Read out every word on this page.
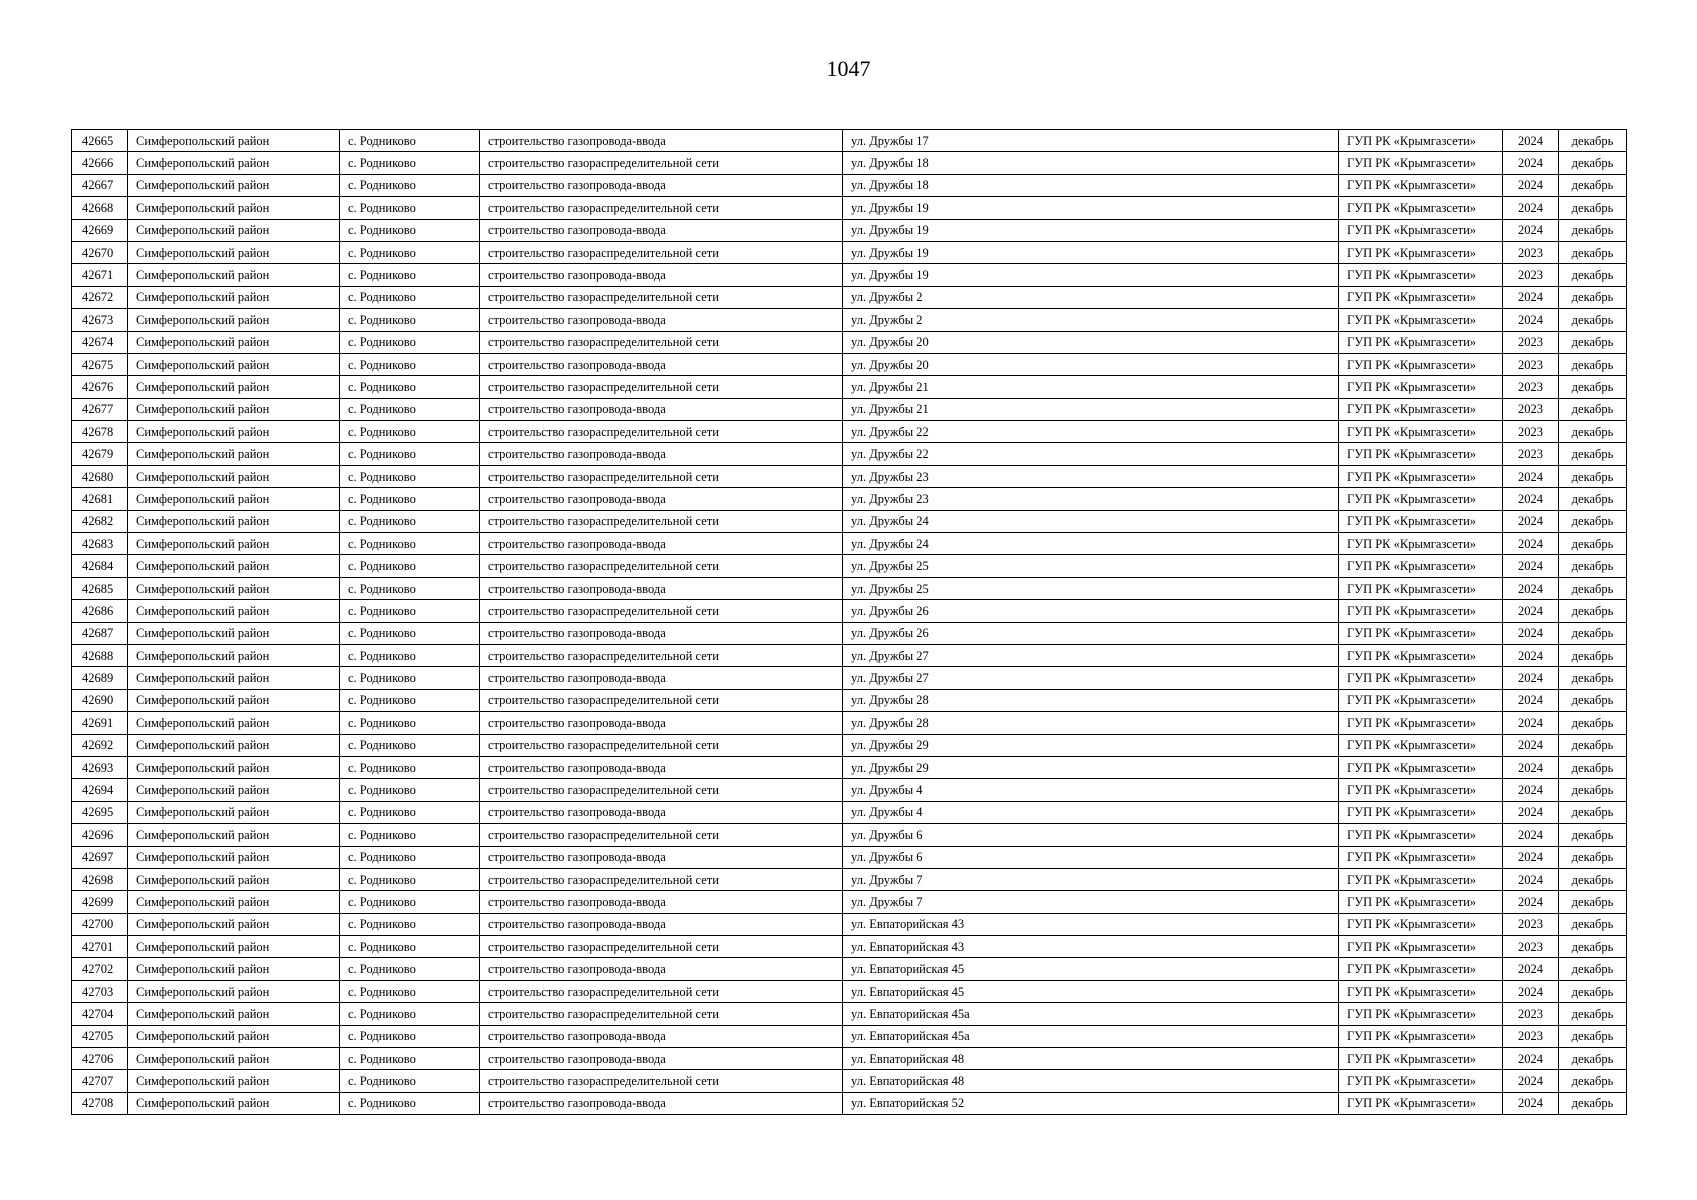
1047
42665	Симферопольский район	с. Родниково	строительство газопровода-ввода	ул. Дружбы 17	ГУП РК «Крымгазсети»	2024	декабрь
42666	Симферопольский район	с. Родниково	строительство газораспределительной сети	ул. Дружбы 18	ГУП РК «Крымгазсети»	2024	декабрь
42667	Симферопольский район	с. Родниково	строительство газопровода-ввода	ул. Дружбы 18	ГУП РК «Крымгазсети»	2024	декабрь
42668	Симферопольский район	с. Родниково	строительство газораспределительной сети	ул. Дружбы 19	ГУП РК «Крымгазсети»	2024	декабрь
42669	Симферопольский район	с. Родниково	строительство газопровода-ввода	ул. Дружбы 19	ГУП РК «Крымгазсети»	2024	декабрь
42670	Симферопольский район	с. Родниково	строительство газораспределительной сети	ул. Дружбы 19	ГУП РК «Крымгазсети»	2023	декабрь
42671	Симферопольский район	с. Родниково	строительство газопровода-ввода	ул. Дружбы 19	ГУП РК «Крымгазсети»	2023	декабрь
42672	Симферопольский район	с. Родниково	строительство газораспределительной сети	ул. Дружбы 2	ГУП РК «Крымгазсети»	2024	декабрь
42673	Симферопольский район	с. Родниково	строительство газопровода-ввода	ул. Дружбы 2	ГУП РК «Крымгазсети»	2024	декабрь
42674	Симферопольский район	с. Родниково	строительство газораспределительной сети	ул. Дружбы 20	ГУП РК «Крымгазсети»	2023	декабрь
42675	Симферопольский район	с. Родниково	строительство газопровода-ввода	ул. Дружбы 20	ГУП РК «Крымгазсети»	2023	декабрь
42676	Симферопольский район	с. Родниково	строительство газораспределительной сети	ул. Дружбы 21	ГУП РК «Крымгазсети»	2023	декабрь
42677	Симферопольский район	с. Родниково	строительство газопровода-ввода	ул. Дружбы 21	ГУП РК «Крымгазсети»	2023	декабрь
42678	Симферопольский район	с. Родниково	строительство газораспределительной сети	ул. Дружбы 22	ГУП РК «Крымгазсети»	2023	декабрь
42679	Симферопольский район	с. Родниково	строительство газопровода-ввода	ул. Дружбы 22	ГУП РК «Крымгазсети»	2023	декабрь
42680	Симферопольский район	с. Родниково	строительство газораспределительной сети	ул. Дружбы 23	ГУП РК «Крымгазсети»	2024	декабрь
42681	Симферопольский район	с. Родниково	строительство газопровода-ввода	ул. Дружбы 23	ГУП РК «Крымгазсети»	2024	декабрь
42682	Симферопольский район	с. Родниково	строительство газораспределительной сети	ул. Дружбы 24	ГУП РК «Крымгазсети»	2024	декабрь
42683	Симферопольский район	с. Родниково	строительство газопровода-ввода	ул. Дружбы 24	ГУП РК «Крымгазсети»	2024	декабрь
42684	Симферопольский район	с. Родниково	строительство газораспределительной сети	ул. Дружбы 25	ГУП РК «Крымгазсети»	2024	декабрь
42685	Симферопольский район	с. Родниково	строительство газопровода-ввода	ул. Дружбы 25	ГУП РК «Крымгазсети»	2024	декабрь
42686	Симферопольский район	с. Родниково	строительство газораспределительной сети	ул. Дружбы 26	ГУП РК «Крымгазсети»	2024	декабрь
42687	Симферопольский район	с. Родниково	строительство газопровода-ввода	ул. Дружбы 26	ГУП РК «Крымгазсети»	2024	декабрь
42688	Симферопольский район	с. Родниково	строительство газораспределительной сети	ул. Дружбы 27	ГУП РК «Крымгазсети»	2024	декабрь
42689	Симферопольский район	с. Родниково	строительство газопровода-ввода	ул. Дружбы 27	ГУП РК «Крымгазсети»	2024	декабрь
42690	Симферопольский район	с. Родниково	строительство газораспределительной сети	ул. Дружбы 28	ГУП РК «Крымгазсети»	2024	декабрь
42691	Симферопольский район	с. Родниково	строительство газопровода-ввода	ул. Дружбы 28	ГУП РК «Крымгазсети»	2024	декабрь
42692	Симферопольский район	с. Родниково	строительство газораспределительной сети	ул. Дружбы 29	ГУП РК «Крымгазсети»	2024	декабрь
42693	Симферопольский район	с. Родниково	строительство газопровода-ввода	ул. Дружбы 29	ГУП РК «Крымгазсети»	2024	декабрь
42694	Симферопольский район	с. Родниково	строительство газораспределительной сети	ул. Дружбы 4	ГУП РК «Крымгазсети»	2024	декабрь
42695	Симферопольский район	с. Родниково	строительство газопровода-ввода	ул. Дружбы 4	ГУП РК «Крымгазсети»	2024	декабрь
42696	Симферопольский район	с. Родниково	строительство газораспределительной сети	ул. Дружбы 6	ГУП РК «Крымгазсети»	2024	декабрь
42697	Симферопольский район	с. Родниково	строительство газопровода-ввода	ул. Дружбы 6	ГУП РК «Крымгазсети»	2024	декабрь
42698	Симферопольский район	с. Родниково	строительство газораспределительной сети	ул. Дружбы 7	ГУП РК «Крымгазсети»	2024	декабрь
42699	Симферопольский район	с. Родниково	строительство газопровода-ввода	ул. Дружбы 7	ГУП РК «Крымгазсети»	2024	декабрь
42700	Симферопольский район	с. Родниково	строительство газопровода-ввода	ул. Евпаторийская 43	ГУП РК «Крымгазсети»	2023	декабрь
42701	Симферопольский район	с. Родниково	строительство газораспределительной сети	ул. Евпаторийская 43	ГУП РК «Крымгазсети»	2023	декабрь
42702	Симферопольский район	с. Родниково	строительство газопровода-ввода	ул. Евпаторийская 45	ГУП РК «Крымгазсети»	2024	декабрь
42703	Симферопольский район	с. Родниково	строительство газораспределительной сети	ул. Евпаторийская 45	ГУП РК «Крымгазсети»	2024	декабрь
42704	Симферопольский район	с. Родниково	строительство газораспределительной сети	ул. Евпаторийская 45а	ГУП РК «Крымгазсети»	2023	декабрь
42705	Симферопольский район	с. Родниково	строительство газопровода-ввода	ул. Евпаторийская 45а	ГУП РК «Крымгазсети»	2023	декабрь
42706	Симферопольский район	с. Родниково	строительство газопровода-ввода	ул. Евпаторийская 48	ГУП РК «Крымгазсети»	2024	декабрь
42707	Симферопольский район	с. Родниково	строительство газораспределительной сети	ул. Евпаторийская 48	ГУП РК «Крымгазсети»	2024	декабрь
42708	Симферопольский район	с. Родниково	строительство газопровода-ввода	ул. Евпаторийская 52	ГУП РК «Крымгазсети»	2024	декабрь
